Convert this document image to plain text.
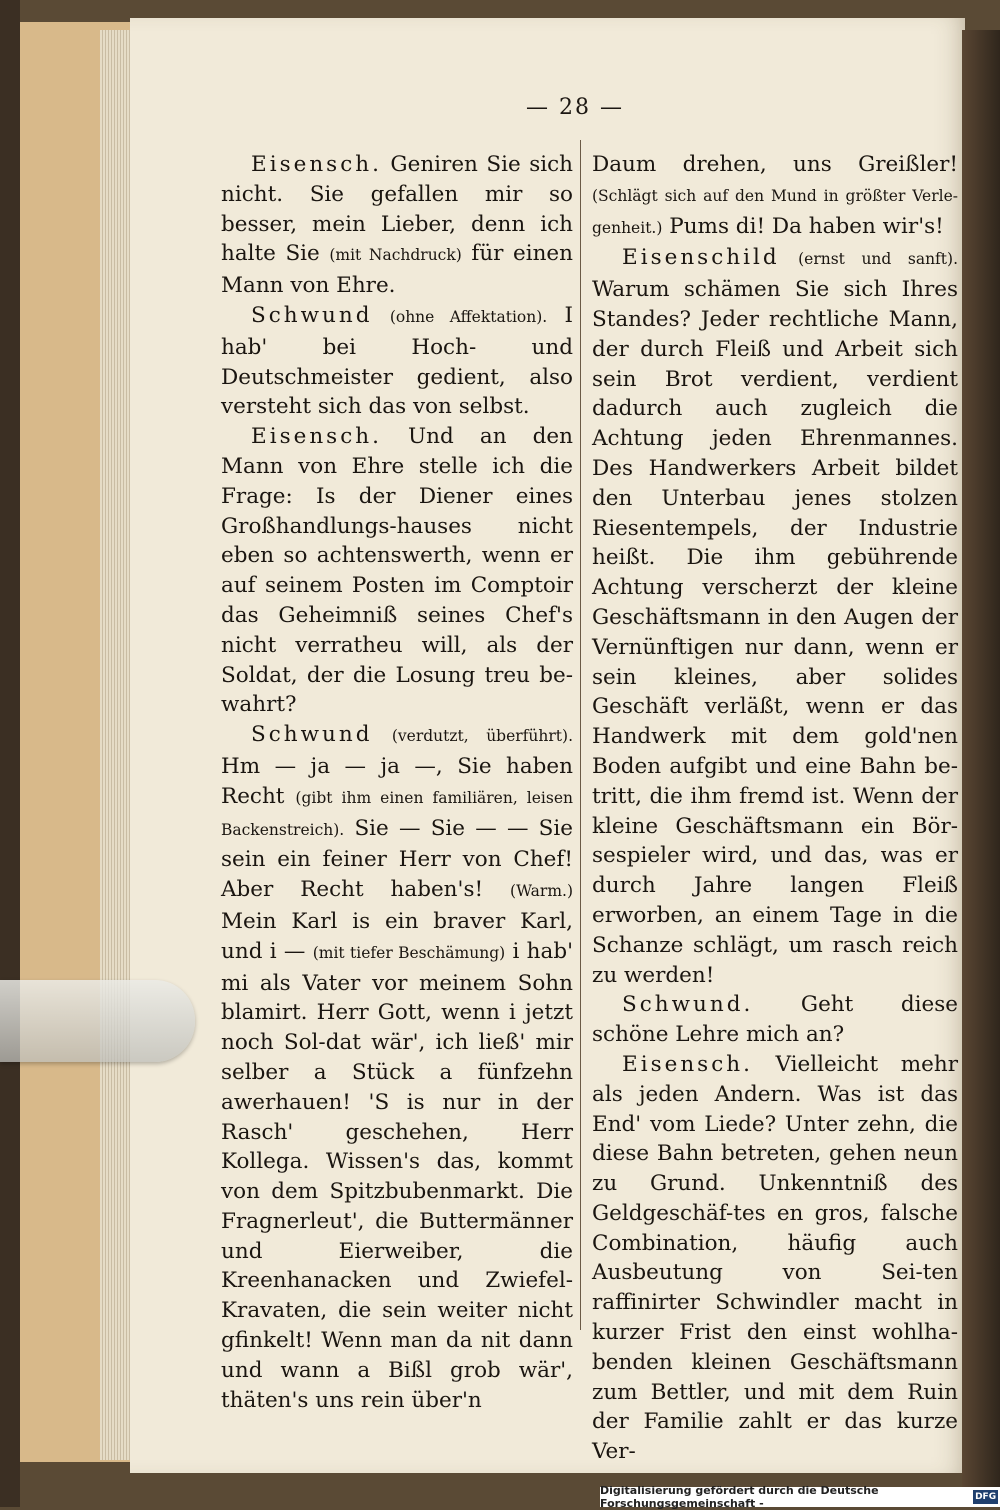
— 28 —

Eisensch. Geniren Sie sich nicht. Sie gefallen mir so besser, mein Lieber, denn ich halte Sie (mit Nachdruck) für einen Mann von Ehre.

Schwund (ohne Affektation). I hab' bei Hoch- und Deutschmeister gedient, also versteht sich das von selbst.

Eisensch. Und an den Mann von Ehre stelle ich die Frage: Is der Diener eines Großhandlungs-hauses nicht eben so achtenswerth, wenn er auf seinem Posten im Comptoir das Geheimniß seines Chef's nicht verratheu will, als der Soldat, der die Losung treu be-wahrt?

Schwund (verdutzt, überführt). Hm — ja — ja —, Sie haben Recht (gibt ihm einen familiären, leisen Backenstreich). Sie — Sie — — Sie sein ein feiner Herr von Chef! Aber Recht haben's! (Warm.) Mein Karl is ein braver Karl, und i — (mit tiefer Beschämung) i hab' mi als Vater vor meinem Sohn blamirt. Herr Gott, wenn i jetzt noch Sol-dat wär', ich ließ' mir selber a Stück a fünfzehn awerhauen! 'S is nur in der Rasch' geschehen, Herr Kollega. Wissen's das, kommt von dem Spitzbubenmarkt. Die Fragnerleut', die Buttermänner und Eierweiber, die Kreenhanacken und Zwiefel-Kravaten, die sein weiter nicht gfinkelt! Wenn man da nit dann und wann a Bißl grob wär', thäten's uns rein über'n

Daum drehen, uns Greißler! (Schlägt sich auf den Mund in größter Verle-genheit.) Pums di! Da haben wir's!

Eisenschild (ernst und sanft). Warum schämen Sie sich Ihres Standes? Jeder rechtliche Mann, der durch Fleiß und Arbeit sich sein Brot verdient, verdient dadurch auch zugleich die Achtung jeden Ehrenmannes. Des Handwerkers Arbeit bildet den Unterbau jenes stolzen Riesentempels, der Industrie heißt. Die ihm gebührende Achtung verscherzt der kleine Geschäftsmann in den Augen der Vernünftigen nur dann, wenn er sein kleines, aber solides Geschäft verläßt, wenn er das Handwerk mit dem gold'nen Boden aufgibt und eine Bahn be-tritt, die ihm fremd ist. Wenn der kleine Geschäftsmann ein Bör-sespieler wird, und das, was er durch Jahre langen Fleiß erworben, an einem Tage in die Schanze schlägt, um rasch reich zu werden!

Schwund. Geht diese schöne Lehre mich an?

Eisensch. Vielleicht mehr als jeden Andern. Was ist das End' vom Liede? Unter zehn, die diese Bahn betreten, gehen neun zu Grund. Unkenntniß des Geldgeschäf-tes en gros, falsche Combination, häufig auch Ausbeutung von Sei-ten raffinirter Schwindler macht in kurzer Frist den einst wohlha-benden kleinen Geschäftsmann zum Bettler, und mit dem Ruin der Familie zahlt er das kurze Ver-

Digitalisierung gefördert durch die Deutsche Forschungsgemeinschaft -	DFG
